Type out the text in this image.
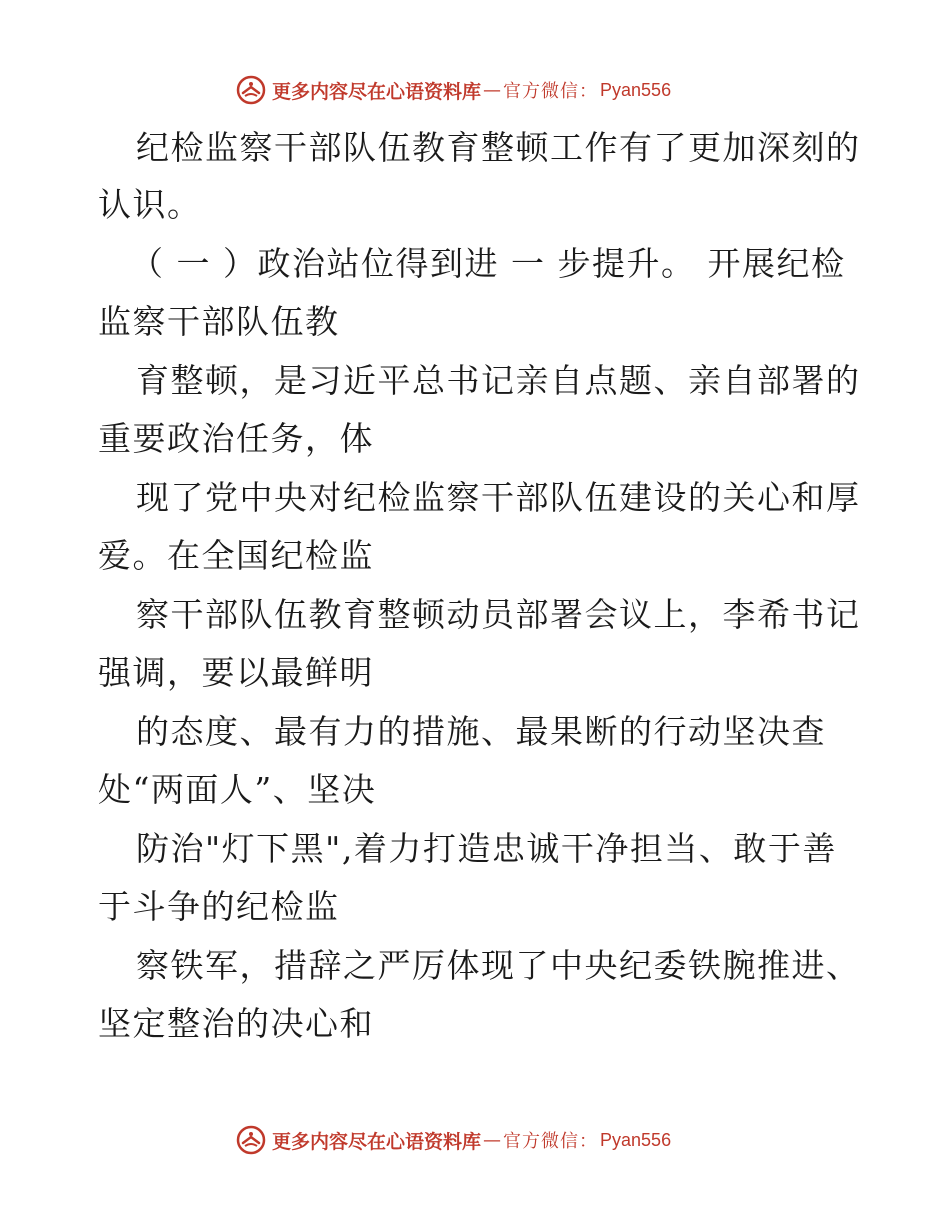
更多内容尽在心语资料库 — 官方微信： Pyan556
纪检监察干部队伍教育整顿工作有了更加深刻的
认识。
（ 一 ）政治站位得到进 一 步提升。 开展纪检
监察干部队伍教
育整顿，是习近平总书记亲自点题、亲自部署的
重要政治任务，体
现了党中央对纪检监察干部队伍建设的关心和厚
爱。在全国纪检监
察干部队伍教育整顿动员部署会议上，李希书记
强调，要以最鲜明
的态度、最有力的措施、最果断的行动坚决查
处“两面人”、坚决
防治"灯下黑",着力打造忠诚干净担当、敢于善
于斗争的纪检监
察铁军，措辞之严厉体现了中央纪委铁腕推进、
坚定整治的决心和
更多内容尽在心语资料库 — 官方微信： Pyan556
